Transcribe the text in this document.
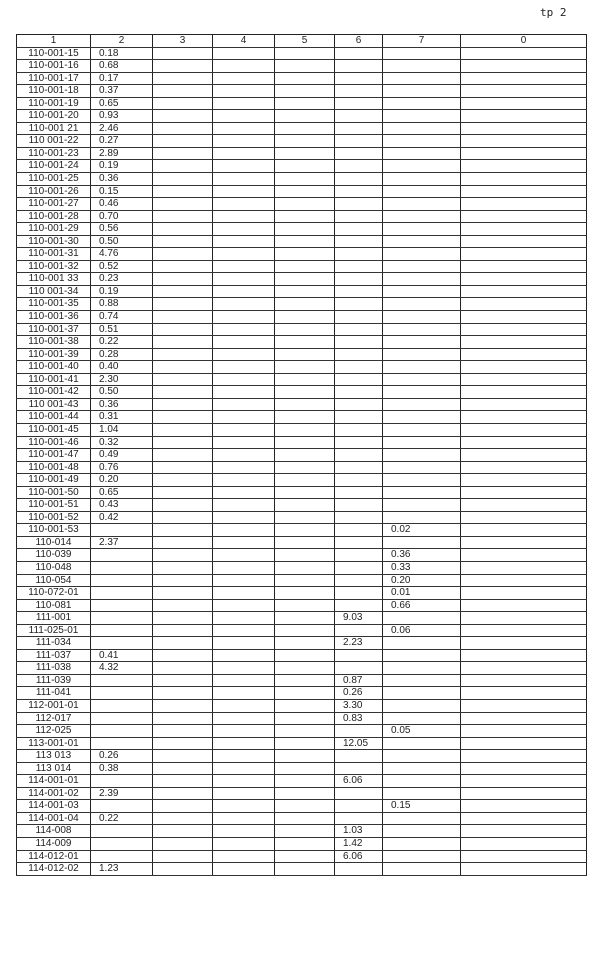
tp 2
1	2	3	4	5	6	7	0
110-001-15	0.18						
110-001-16	0.68						
110-001-17	0.17						
110-001-18	0.37						
110-001-19	0.65						
110-001-20	0.93						
110-001 21	2.46						
110 001-22	0.27						
110-001-23	2.89						
110-001-24	0.19						
110-001-25	0.36						
110-001-26	0.15						
110-001-27	0.46						
110-001-28	0.70						
110-001-29	0.56						
110-001-30	0.50						
110-001-31	4.76						
110-001-32	0.52						
110-001 33	0.23						
110 001-34	0.19						
110-001-35	0.88						
110-001-36	0.74						
110-001-37	0.51						
110-001-38	0.22						
110-001-39	0.28						
110-001-40	0.40						
110-001-41	2.30						
110-001-42	0.50						
110 001-43	0.36						
110-001-44	0.31						
110-001-45	1.04						
110-001-46	0.32						
110-001-47	0.49						
110-001-48	0.76						
110-001-49	0.20						
110-001-50	0.65						
110-001-51	0.43						
110-001-52	0.42						
110-001-53						0.02	
110-014	2.37						
110-039						0.36	
110-048						0.33	
110-054						0.20	
110-072-01						0.01	
110-081						0.66	
111-001					9.03		
111-025-01						0.06	
111-034					2.23		
111-037	0.41						
111-038	4.32						
111-039					0.87		
111-041					0.26		
112-001-01					3.30		
112-017					0.83		
112-025						0.05	
113-001-01					12.05		
113 013	0.26						
113 014	0.38						
114-001-01					6.06		
114-001-02	2.39						
114-001-03						0.15	
114-001-04	0.22						
114-008					1.03		
114-009					1.42		
114-012-01					6.06		
114-012-02	1.23						
